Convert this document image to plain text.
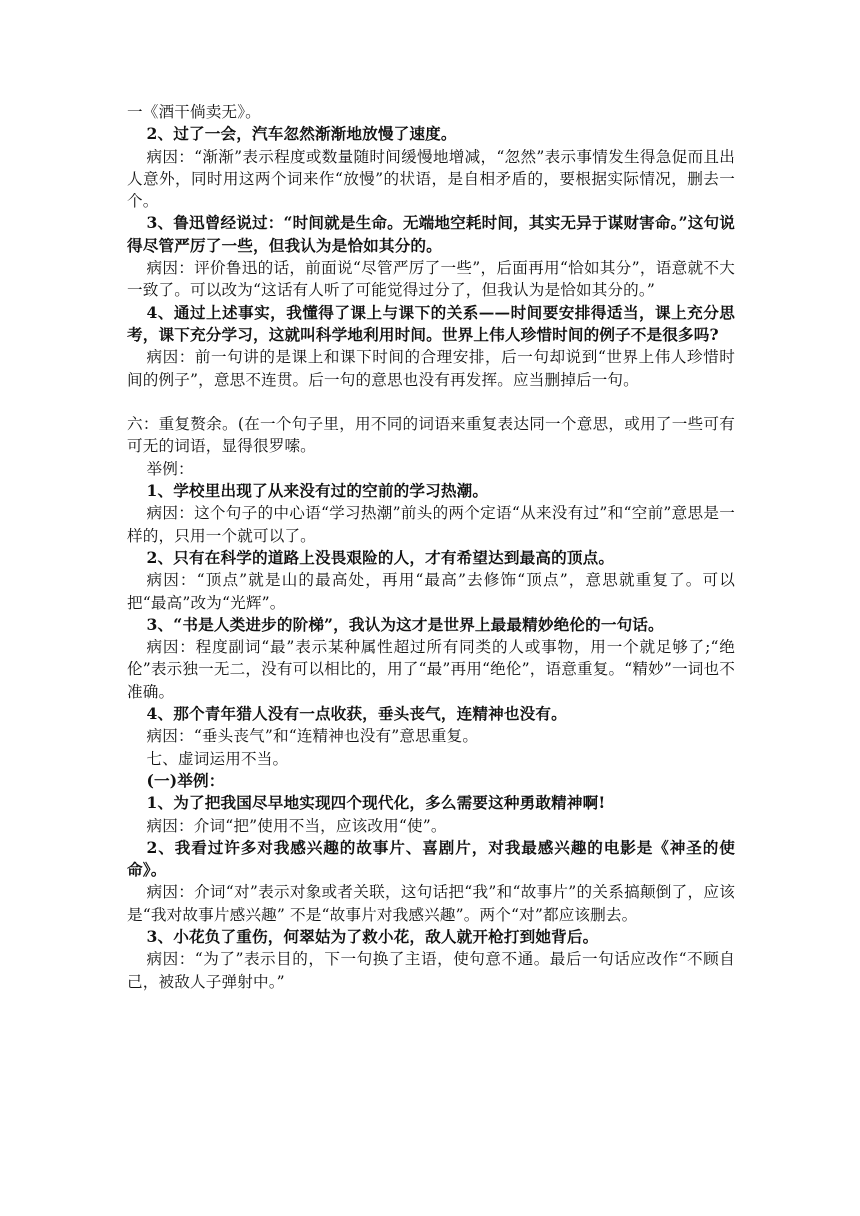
一《酒干倘卖无》。

2、过了一会，汽车忽然渐渐地放慢了速度。

病因：“渐渐”表示程度或数量随时间缓慢地增减，“忽然”表示事情发生得急促而且出人意外，同时用这两个词来作“放慢”的状语，是自相矛盾的，要根据实际情况，删去一个。

3、鲁迅曾经说过：“时间就是生命。无端地空耗时间，其实无异于谋财害命。”这句说得尽管严厉了一些，但我认为是恰如其分的。

病因：评价鲁迅的话，前面说“尽管严厉了一些”，后面再用“恰如其分”，语意就不大一致了。可以改为“这话有人听了可能觉得过分了，但我认为是恰如其分的。”

4、通过上述事实，我懂得了课上与课下的关系——时间要安排得适当，课上充分思考，课下充分学习，这就叫科学地利用时间。世界上伟人珍惜时间的例子不是很多吗?

病因：前一句讲的是课上和课下时间的合理安排，后一句却说到“世界上伟人珍惜时间的例子”，意思不连贯。后一句的意思也没有再发挥。应当删掉后一句。

六：重复赘余。(在一个句子里，用不同的词语来重复表达同一个意思，或用了一些可有可无的词语，显得很罗嗦。

举例：

1、学校里出现了从来没有过的空前的学习热潮。

病因：这个句子的中心语“学习热潮”前头的两个定语“从来没有过”和“空前”意思是一样的，只用一个就可以了。

2、只有在科学的道路上没畏艰险的人，才有希望达到最高的顶点。

病因：“顶点”就是山的最高处，再用“最高”去修饰“顶点”，意思就重复了。可以把“最高”改为“光辉”。

3、“书是人类进步的阶梯”，我认为这才是世界上最最精妙绝伦的一句话。

病因：程度副词“最”表示某种属性超过所有同类的人或事物，用一个就足够了;“绝伦”表示独一无二，没有可以相比的，用了“最”再用“绝伦”，语意重复。“精妙”一词也不准确。

4、那个青年猎人没有一点收获，垂头丧气，连精神也没有。

病因：“垂头丧气”和“连精神也没有”意思重复。

七、虚词运用不当。

(一)举例：

1、为了把我国尽早地实现四个现代化，多么需要这种勇敢精神啊!

病因：介词“把”使用不当，应该改用“使”。

2、我看过许多对我感兴趣的故事片、喜剧片，对我最感兴趣的电影是《神圣的使命》。

病因：介词“对”表示对象或者关联，这句话把“我”和“故事片”的关系搞颠倒了，应该是“我对故事片感兴趣” 不是“故事片对我感兴趣”。两个“对”都应该删去。

3、小花负了重伤，何翠姑为了救小花，敌人就开枪打到她背后。

病因：“为了”表示目的，下一句换了主语，使句意不通。最后一句话应改作“不顾自己，被敌人子弹射中。”
